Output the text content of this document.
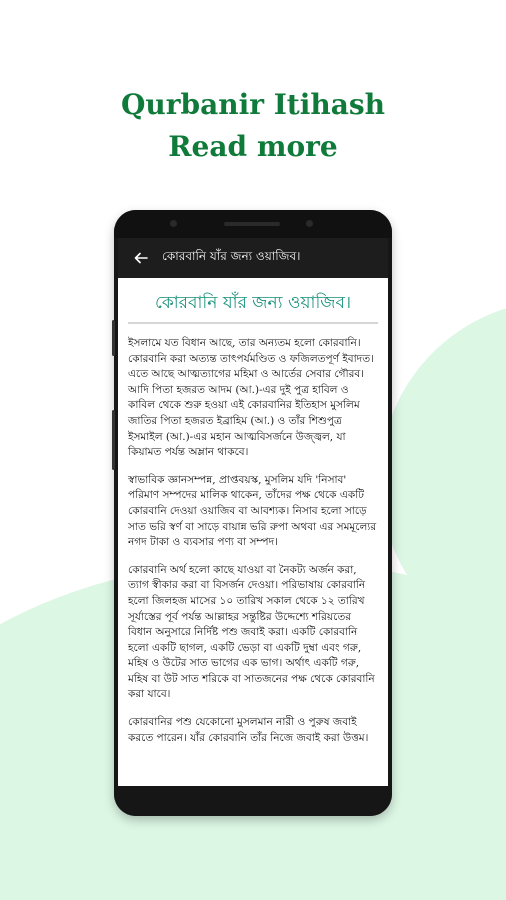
Qurbanir Itihash
Read more
কোরবানি যাঁর জন্য ওয়াজিব।
কোরবানি যাঁর জন্য ওয়াজিব।

ইসলামে যত বিধান আছে, তার অন্যতম হলো কোরবানি। কোরবানি করা অত্যন্ত তাৎপর্যমণ্ডিত ও ফজিলতপূর্ণ ইবাদত। এতে আছে আত্মত্যাগের মহিমা ও আর্তের সেবার গৌরব। আদি পিতা হজরত আদম (আ.)-এর দুই পুত্র হাবিল ও কাবিল থেকে শুরু হওয়া এই কোরবানির ইতিহাস মুসলিম জাতির পিতা হজরত ইব্রাহিম (আ.) ও তাঁর শিশুপুত্র ইসমাইল (আ.)-এর মহান আত্মবিসর্জনে উজ্জ্বল, যা কিয়ামত পর্যন্ত অম্লান থাকবে।

স্বাভাবিক জ্ঞানসম্পন্ন, প্রাপ্তবয়স্ক, মুসলিম যদি 'নিসাব' পরিমাণ সম্পদের মালিক থাকেন, তাঁদের পক্ষ থেকে একটি কোরবানি দেওয়া ওয়াজিব বা আবশ্যক। নিসাব হলো সাড়ে সাত ভরি স্বর্ণ বা সাড়ে বায়ান্ন ভরি রুপা অথবা এর সমমূল্যের নগদ টাকা ও ব্যবসার পণ্য বা সম্পদ।

কোরবানি অর্থ হলো কাছে যাওয়া বা নৈকট্য অর্জন করা, ত্যাগ স্বীকার করা বা বিসর্জন দেওয়া। পরিভাষায় কোরবানি হলো জিলহজ মাসের ১০ তারিখ সকাল থেকে ১২ তারিখ সূর্যাস্তের পূর্ব পর্যন্ত আল্লাহর সন্তুষ্টির উদ্দেশ্যে শরিয়তের বিধান অনুসারে নির্দিষ্ট পশু জবাই করা। একটি কোরবানি হলো একটি ছাগল, একটি ভেড়া বা একটি দুম্বা এবং গরু, মহিষ ও উটের সাত ভাগের এক ভাগ। অর্থাৎ একটি গরু, মহিষ বা উট সাত শরিকে বা সাতজনের পক্ষ থেকে কোরবানি করা যাবে।

কোরবানির পশু যেকোনো মুসলমান নারী ও পুরুষ জবাই করতে পারেন। যাঁর কোরবানি তাঁর নিজে জবাই করা উত্তম।
